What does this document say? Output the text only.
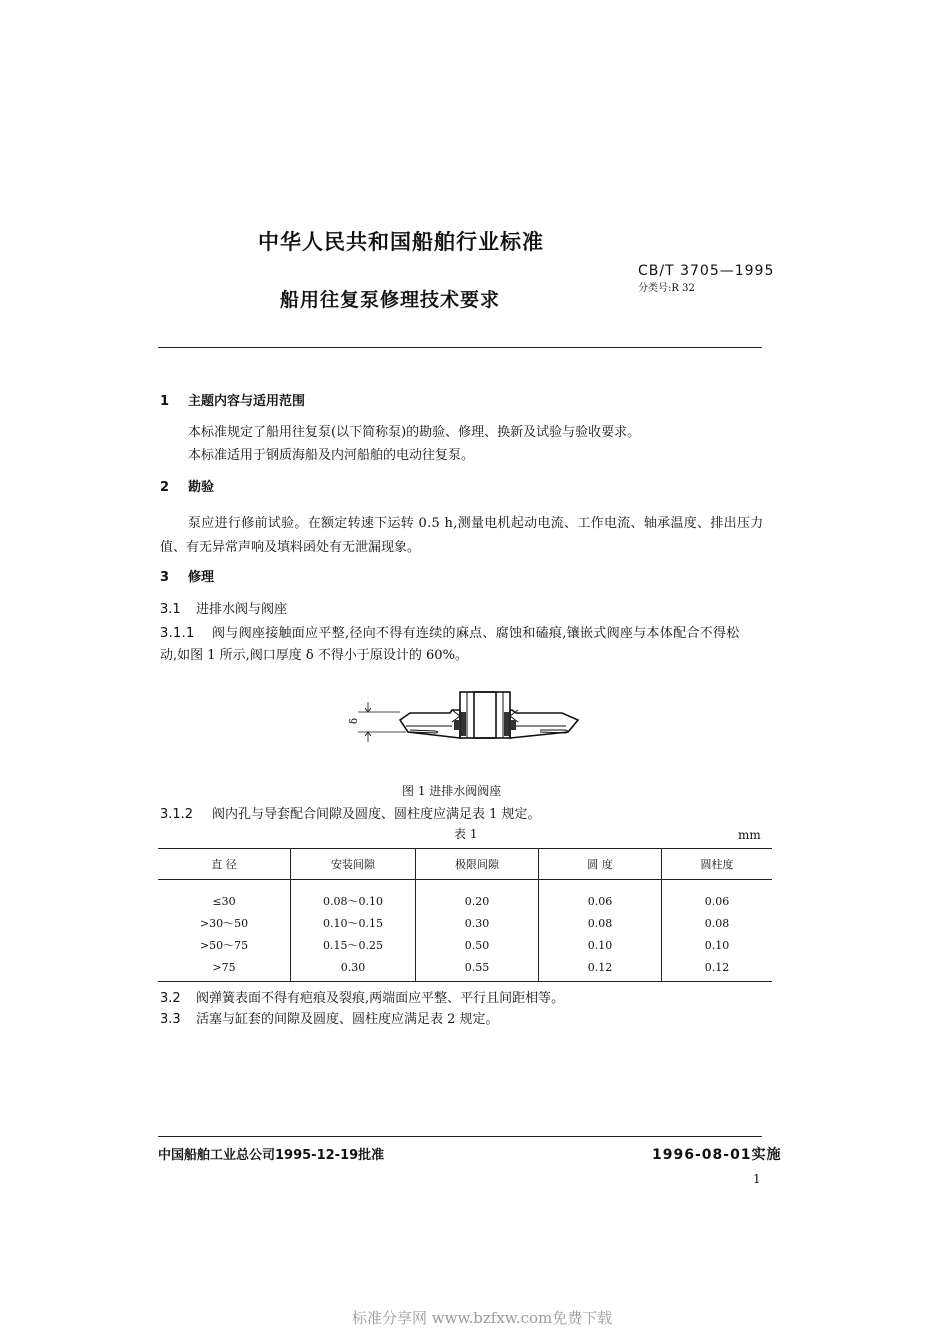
中华人民共和国船舶行业标准
CB/T 3705—1995
分类号:R 32
船用往复泵修理技术要求
1 主题内容与适用范围
本标准规定了船用往复泵(以下简称泵)的勘验、修理、换新及试验与验收要求。
本标准适用于钢质海船及内河船舶的电动往复泵。
2 勘验
泵应进行修前试验。在额定转速下运转 0.5 h,测量电机起动电流、工作电流、轴承温度、排出压力
值、有无异常声响及填料函处有无泄漏现象。
3 修理
3.1 进排水阀与阀座
3.1.1 阀与阀座接触面应平整,径向不得有连续的麻点、腐蚀和磕痕,镶嵌式阀座与本体配合不得松
动,如图 1 所示,阀口厚度 δ 不得小于原设计的 60%。
δ
图 1 进排水阀阀座
3.1.2 阀内孔与导套配合间隙及圆度、圆柱度应满足表 1 规定。
表 1	mm
直 径	安装间隙	极限间隙	圆 度	圆柱度

≤30	0.08～0.10	0.20	0.06	0.06
>30～50	0.10～0.15	0.30	0.08	0.08
>50～75	0.15～0.25	0.50	0.10	0.10
>75	0.30	0.55	0.12	0.12
3.2 阀弹簧表面不得有疤痕及裂痕,两端面应平整、平行且间距相等。
3.3 活塞与缸套的间隙及圆度、圆柱度应满足表 2 规定。
中国船舶工业总公司1995-12-19批准	1996-08-01实施
1
标准分享网 www.bzfxw.com免费下载
